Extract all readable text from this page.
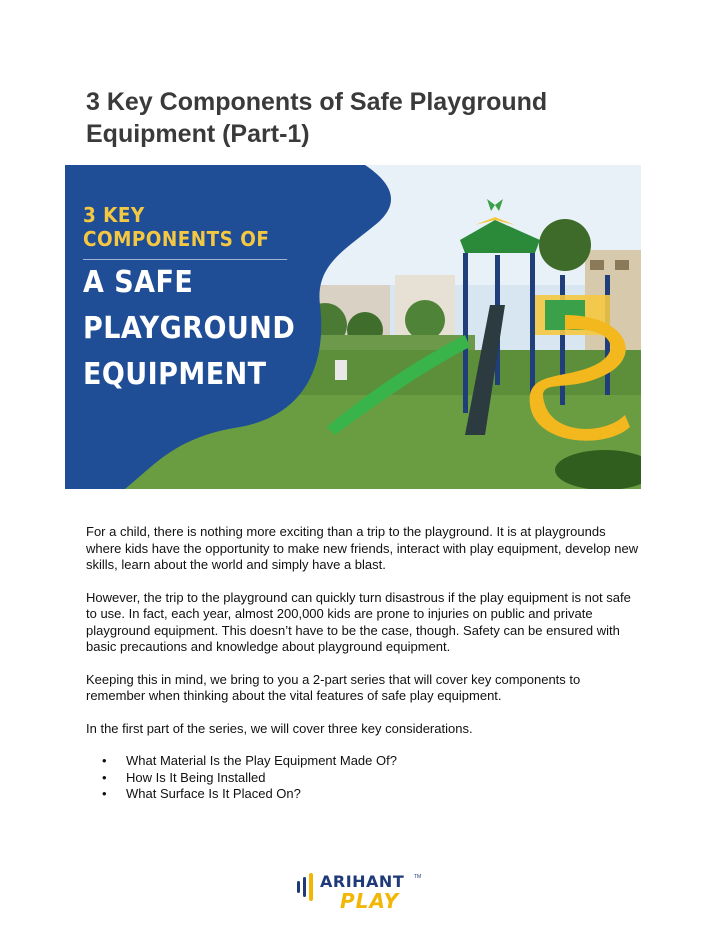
3 Key Components of Safe Playground Equipment (Part-1)
3 KEY COMPONENTS OF
A SAFE
PLAYGROUND
EQUIPMENT

For a child, there is nothing more exciting than a trip to the playground. It is at playgrounds where kids have the opportunity to make new friends, interact with play equipment, develop new skills, learn about the world and simply have a blast.

However, the trip to the playground can quickly turn disastrous if the play equipment is not safe to use. In fact, each year, almost 200,000 kids are prone to injuries on public and private playground equipment. This doesn’t have to be the case, though. Safety can be ensured with basic precautions and knowledge about playground equipment.

Keeping this in mind, we bring to you a 2-part series that will cover key components to remember when thinking about the vital features of safe play equipment.

In the first part of the series, we will cover three key considerations.

• What Material Is the Play Equipment Made Of?
• How Is It Being Installed
• What Surface Is It Placed On?
ARIHANT TM
PLAY
